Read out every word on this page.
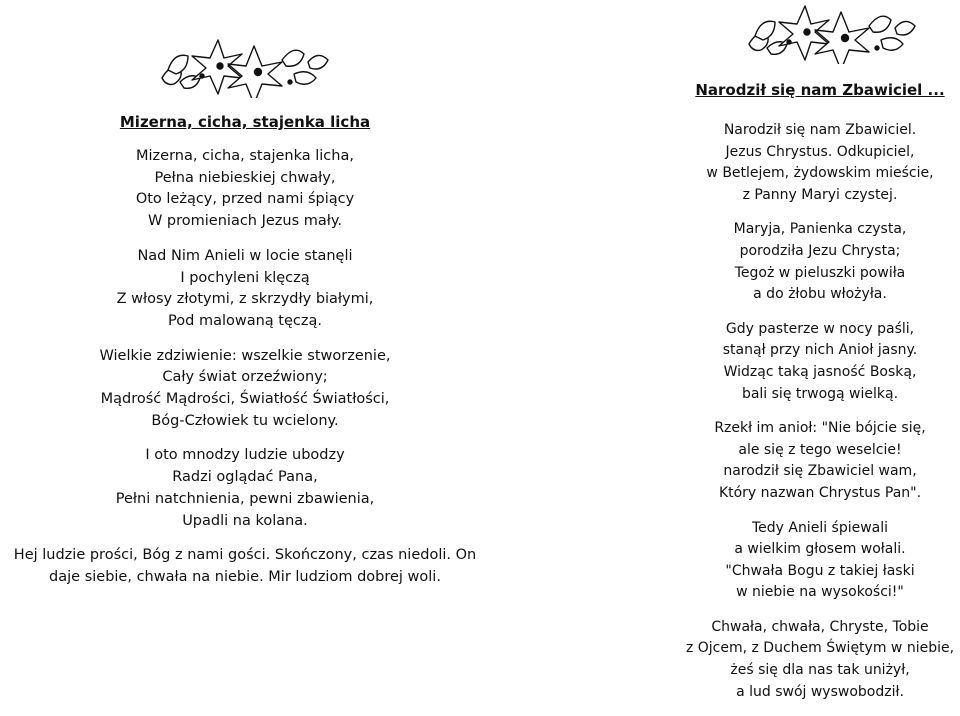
Mizerna, cicha, stajenka licha
Mizerna, cicha, stajenka licha,
Pełna niebieskiej chwały,
Oto leżący, przed nami śpiący
W promieniach Jezus mały.
Nad Nim Anieli w locie stanęli
I pochyleni klęczą
Z włosy złotymi, z skrzydły białymi,
Pod malowaną tęczą.
Wielkie zdziwienie: wszelkie stworzenie,
Cały świat orzeźwiony;
Mądrość Mądrości, Światłość Światłości,
Bóg-Człowiek tu wcielony.
I oto mnodzy ludzie ubodzy
Radzi oglądać Pana,
Pełni natchnienia, pewni zbawienia,
Upadli na kolana.
Hej ludzie prości, Bóg z nami gości. Skończony, czas niedoli. On daje siebie, chwała na niebie. Mir ludziom dobrej woli.
Narodził się nam Zbawiciel ...
Narodził się nam Zbawiciel.
Jezus Chrystus. Odkupiciel,
w Betlejem, żydowskim mieście,
z Panny Maryi czystej.
Maryja, Panienka czysta,
porodziła Jezu Chrysta;
Tegoż w pieluszki powiła
a do żłobu włożyła.
Gdy pasterze w nocy paśli,
stanął przy nich Anioł jasny.
Widząc taką jasność Boską,
bali się trwogą wielką.
Rzekł im anioł: "Nie bójcie się,
ale się z tego weselcie!
narodził się Zbawiciel wam,
Który nazwan Chrystus Pan".
Tedy Anieli śpiewali
a wielkim głosem wołali.
"Chwała Bogu z takiej łaski
w niebie na wysokości!"
Chwała, chwała, Chryste, Tobie
z Ojcem, z Duchem Świętym w niebie,
żeś się dla nas tak uniżył,
a lud swój wyswobodził.
